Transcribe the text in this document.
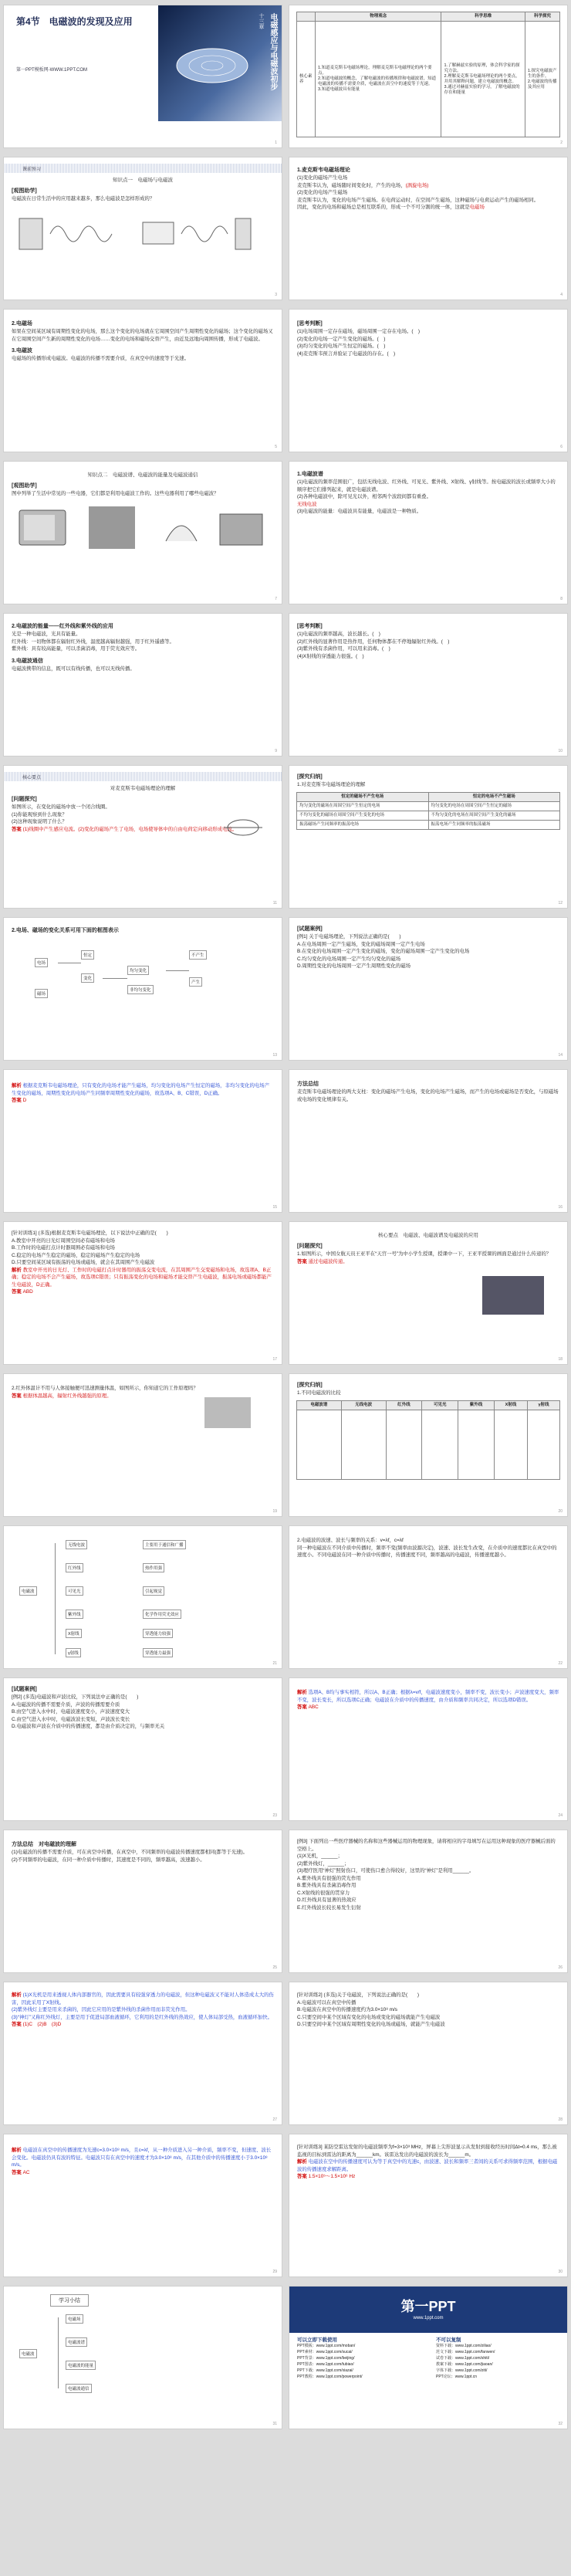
第4节　电磁波的发现及应用
第一PPT模板网-WWW.1PPT.COM
十三章 电磁感应与电磁波初步
1
	物理观念	科学思维	科学探究
核心素养	1.知道麦克斯韦电磁场理论，理解麦克斯韦电磁理论的两个要点。
2.知道电磁波的概念，了解电磁波的传播规律和电磁波谱，知道电磁波的传播不需要介质，电磁波在真空中的速度等于光速。
3.知道电磁波具有能量	1.了解赫兹实验的原理，体会科学家的探究方法。
2.理解麦克斯韦电磁场理论的两个要点，并用其解释问题，建立电磁波的概念。
3.通过对赫兹实验的学习，了解电磁波的存在和能量	1.探究电磁波产生的条件。
2.电磁波的传播及其应用
2
课前预习
知识点一　电磁场与电磁波
[观图助学]
电磁波在日常生活中的应用越来越多，那么电磁波是怎样形成的？
3
1.麦克斯韦电磁场理论
(1)变化的磁场产生电场
麦克斯韦认为，磁场随时间变化时，产生的电场，(涡旋电场)
(2)变化的电场产生磁场
麦克斯韦认为，变化的电场产生磁场。在电荷运动时，在空间产生磁场，这种磁场与电荷运动产生的磁场相同。
因此，变化的电场和磁场总是相互联系的，形成一个不可分割的统一体，这就是电磁场
4
2.电磁场
如果在空间某区域有周期性变化的电场，那么这个变化的电场就在它周围空间产生周期性变化的磁场；这个变化的磁场又在它周围空间产生新的周期性变化的电场……变化的电场和磁场交替产生，由近及远地向周围传播，形成了电磁波。
3.电磁波
电磁场的传播形成电磁波。电磁波的传播不需要介质，在真空中的速度等于光速。
5
[思考判断]
(1)电场周围一定存在磁场，磁场周围一定存在电场。(　)
(2)变化的电场一定产生变化的磁场。(　)
(3)均匀变化的电场产生恒定的磁场。(　)
(4)麦克斯韦预言并验证了电磁波的存在。(　)
6
知识点二　电磁波谱、电磁波的能量及电磁波通信
[观图助学]
图中列举了生活中常见的一些电器，它们都是利用电磁波工作的。这些电器利用了哪些电磁波？
7
1.电磁波谱
(1)电磁波的频率范围很广，包括无线电波、红外线、可见光、紫外线、X射线、γ射线等。按电磁波的波长或频率大小的顺序把它们排列起来，就是电磁波谱。
(2)各种电磁波中，除可见光以外，相邻两个波段间都有重叠。
无线电波
(3)电磁波的能量：电磁波具有能量，电磁波是一种物质。
8
2.电磁波的能量——红外线和紫外线的应用
光是一种电磁波，光具有能量。
红外线：一切物体都在辐射红外线，温度越高辐射越强，用于红外遥感等。
紫外线：具有较高能量，可以杀菌消毒，用于荧光效应等。
3.电磁波通信
电磁波携带的信息，既可以有线传播，也可以无线传播。
9
[思考判断]
(1)电磁波的频率越高，波长越长。(　)
(2)红外线的显著作用是热作用，任何物体都在不停地辐射红外线。(　)
(3)紫外线有杀菌作用，可以用来消毒。(　)
(4)X射线的穿透能力很强。(　)
10
核心要点
对麦克斯韦电磁场理论的理解
[问题探究]
如图所示，在变化的磁场中放一个闭合线圈。
(1)你能观察到什么现象？
(2)这种现象说明了什么？
答案 (1)线圈中产生感应电流。(2)变化的磁场产生了电场，电场使导体中的自由电荷定向移动形成电流。
11
[探究归纳]
1.对麦克斯韦电磁场理论的理解
恒定的磁场不产生电场	恒定的电场不产生磁场
均匀变化的磁场在周围空间产生恒定的电场	均匀变化的电场在周围空间产生恒定的磁场
不均匀变化的磁场在周围空间产生变化的电场	不均匀变化的电场在周围空间产生变化的磁场
振荡磁场产生同频率的振荡电场	振荡电场产生同频率的振荡磁场
12
2.电场、磁场的变化关系可用下面的框图表示
电场
磁场
恒定
变化
均匀变化
非均匀变化
不产生
产生
13
[试题案例]
[例1] 关于电磁场理论，下列说法正确的是(　　)
A.在电场周围一定产生磁场，变化的磁场周围一定产生电场
B.在变化的电场周围一定产生变化的磁场，变化的磁场周围一定产生变化的电场
C.均匀变化的电场周围一定产生均匀变化的磁场
D.周期性变化的电场周围一定产生周期性变化的磁场
14
解析 根据麦克斯韦电磁场理论，只有变化的电场才能产生磁场，均匀变化的电场产生恒定的磁场，非均匀变化的电场产生变化的磁场，周期性变化的电场产生同频率周期性变化的磁场，故选项A、B、C错误，D正确。
答案 D
15
方法总结
麦克斯韦电磁场理论的两大支柱：变化的磁场产生电场，变化的电场产生磁场，而产生的电场或磁场是否变化，与原磁场或电场的变化规律有关。
16
[针对训练1] (多选)根据麦克斯韦电磁场理论，以下说法中正确的是(　　)
A.教室中开亮的日光灯周围空间必有磁场和电场
B.工作时的电磁打点计时器周围必有磁场和电场
C.稳定的电场产生稳定的磁场，稳定的磁场产生稳定的电场
D.只要空间某区域有振荡的电场或磁场，就会在其周围产生电磁波
解析 教室中开亮的日光灯、工作时的电磁打点计时器用的振荡交变电流，在其周围产生交变磁场和电场，故选项A、B正确；稳定的电场不会产生磁场，故选项C错误；只有振荡变化的电场和磁场才能交替产生电磁波，振荡电场或磁场都能产生电磁波，D正确。
答案 ABD
17
核心要点　 电磁波、电磁波谱及电磁波的应用
[问题探究]
1.如图所示，中国女航天员王亚平在“天宫一号”为中小学生授课，授课中一下，王亚平授课的画面是通过什么传递的？
答案 通过电磁波传递。
18
2.红外体温计不用与人体接触便可迅速测量体温，如图所示，你知道它的工作原理吗？
答案 根据体温越高，辐射红外线越强的原理。
19
[探究归纳]
1.不同电磁波的比较
电磁波谱	无线电波	红外线	可见光	紫外线	X射线	γ射线

20
电磁波
无线电波
红外线
可见光
紫外线
X射线
γ射线
主要用于通信和广播
热作用强
引起视觉
化学作用荧光效应
穿透能力较强
穿透能力最强
21
2.电磁波的波速、波长与频率的关系：v=λf，c=λf
同一种电磁波在不同介质中传播时，频率不变(频率由波源决定)，波速、波长发生改变，在介质中的速度都比在真空中的速度小。不同电磁波在同一种介质中传播时，传播速度不同，频率越高的电磁波，传播速度越小。
22
[试题案例]
[例2] (多选)电磁波和声波比较，下列说法中正确的是(　　)
A.电磁波的传播不需要介质，声波的传播需要介质
B.由空气进入水中时，电磁波速度变小，声波速度变大
C.由空气进入水中时，电磁波波长变短，声波波长变长
D.电磁波和声波在介质中的传播速度，都是由介质决定的，与频率无关
23
解析 选项A、B均与事实相符，所以A、B正确；根据λ=v/f，电磁波速度变小，频率不变，波长变小；声波速度变大，频率不变，波长变长，所以选项C正确；电磁波在介质中的传播速度，由介质和频率共同决定，所以选项D错误。
答案 ABC
24
方法总结　 对电磁波的理解
(1)电磁波的传播不需要介质，可在真空中传播，在真空中，不同频率的电磁波传播速度都相同(都等于光速)。
(2)不同频率的电磁波，在同一种介质中传播时，其速度是不同的，频率越高，波速越小。
25
[例3] 下面列出一些医疗器械的名称和这些器械运用的物理现象，请将相应的字母填写在运用这种现象的医疗器械后面的空格上。
(1)X光机，______；
(2)紫外线灯，______；
(3)理疗医用“神灯”照射伤口，可使伤口愈合得较好，这里的“神灯”是利用______。
A.紫外线具有很强的荧光作用
B.紫外线具有杀菌消毒作用
C.X射线的很强的贯穿力
D.红外线具有显著的热效应
E.红外线波长较长易发生衍射
26
解析 (1)X光机是用来透视人体内部器官的，因此需要具有较强穿透力的电磁波，但这种电磁波又不能对人体造成太大的伤害，因此采用了X射线。
(2)紫外线灯主要是用来杀菌的，因此它应用的是紫外线的杀菌作用而非荧光作用。
(3)“神灯”又称红外线灯，主要是用于促进局部血液循环，它利用的是红外线的热效应，使人体局部受热，血液循环加快。
答案 (1)C　(2)B　(3)D
27
[针对训练2] (多选)关于电磁波，下列说法正确的是(　　)
A.电磁波可以在真空中传播
B.电磁波在真空中的传播速度约为3.0×10⁸ m/s
C.只要空间中某个区域有变化的电场或变化的磁场就能产生电磁波
D.只要空间中某个区域有周期性变化的电场或磁场，就能产生电磁波
28
解析 电磁波在真空中的传播速度为光速c=3.0×10⁸ m/s，且c=λf，从一种介质进入另一种介质，频率不变，但速度、波长会变化。电磁波仍具有波的特征。电磁波只有在真空中的速度才为3.0×10⁸ m/s，在其他介质中的传播速度小于3.0×10⁸ m/s。
答案 AC
29
[针对训练3] 某防空雷达发射的电磁波频率为f=3×10³ MHz，屏幕上尖形波显示从发射到接收经历时间Δt=0.4 ms，那么被监视的目标到雷达的距离为______km。该雷达发出的电磁波的波长为______m。
解析 电磁波在空中的传播速度可认为等于真空中的光速c，由波速、波长和频率三者间的关系可求得频率范围，根据电磁波的传播速度求解距离。
答案 1.5×10⁵～1.5×10⁶ Hz
30
学习小结
电磁波
电磁场
电磁波谱
电磁波的能量
电磁波通信
31
第一PPT
www.1ppt.com
可以立即下载使用
PPT模板：www.1ppt.com/moban/
PPT素材：www.1ppt.com/sucai/
PPT背景：www.1ppt.com/beijing/
PPT图表：www.1ppt.com/tubiao/
PPT下载：www.1ppt.com/xiazai/
PPT教程：www.1ppt.com/powerpoint/
不可以复制
资料下载：www.1ppt.com/ziliao/
范文下载：www.1ppt.com/fanwen/
试卷下载：www.1ppt.com/shiti/
教案下载：www.1ppt.com/jiaoan/
字体下载：www.1ppt.com/ziti/
PPT论坛：www.1ppt.cn
32
